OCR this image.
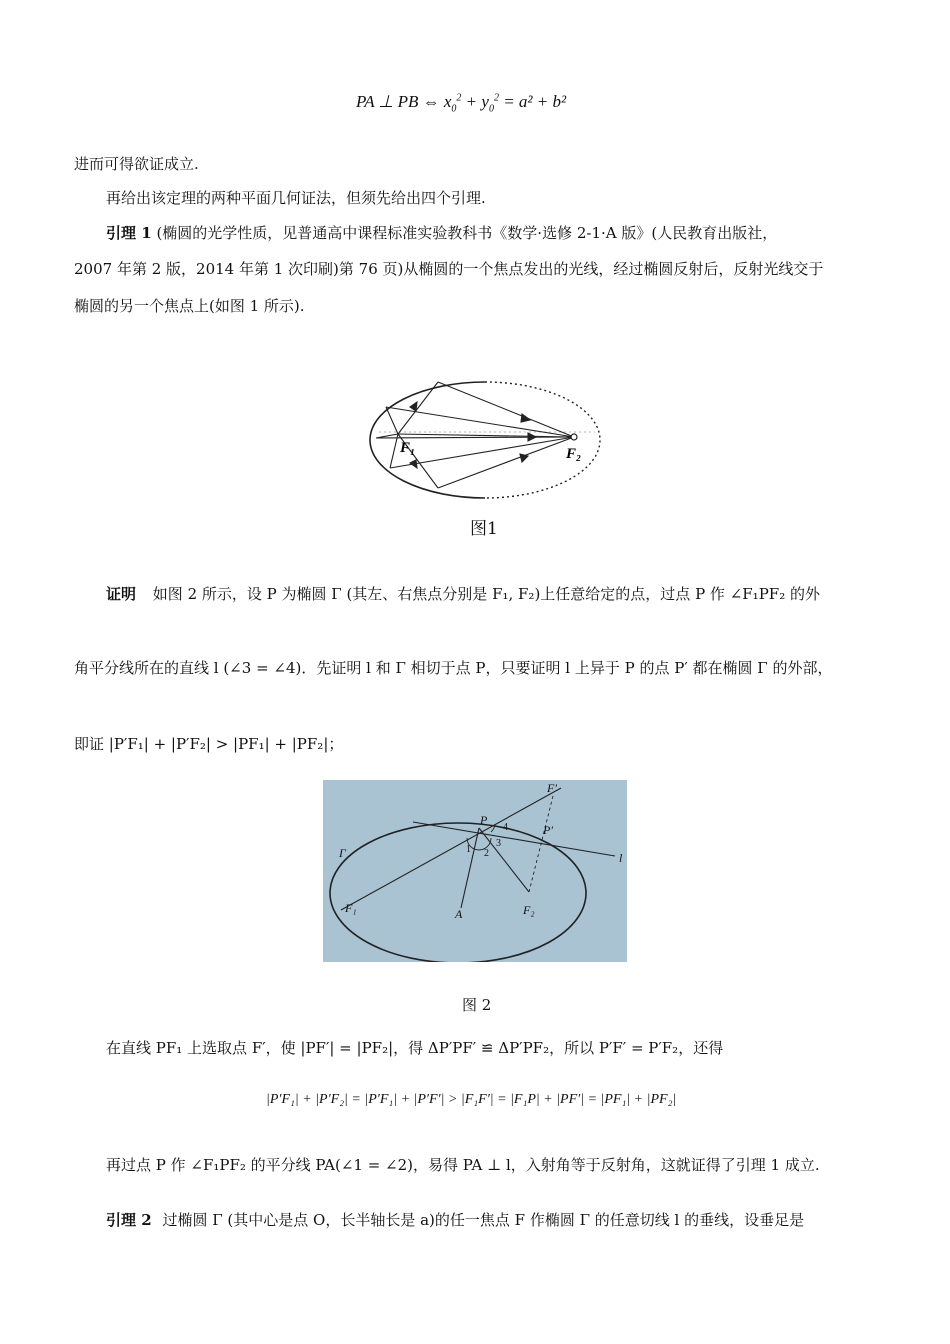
PA ⊥ PB ⇔ $x_0^2 + y_0^2 = a^2 + b^2$
进而可得欲证成立.
再给出该定理的两种平面几何证法，但须先给出四个引理.
引理 1 (椭圆的光学性质，见普通高中课程标准实验教科书《数学·选修 2-1·A 版》(人民教育出版社，
2007 年第 2 版，2014 年第 1 次印刷)第 76 页)从椭圆的一个焦点发出的光线，经过椭圆反射后，反射光线交于
椭圆的另一个焦点上(如图 1 所示).
F₁	F₂
图1
证明 如图 2 所示，设 P 为椭圆 Γ (其左、右焦点分别是 F₁, F₂)上任意给定的点，过点 P 作 ∠F₁PF₂ 的外
角平分线所在的直线 l (∠3 = ∠4)．先证明 l 和 Γ 相切于点 P，只要证明 l 上异于 P 的点 P′ 都在椭圆 Γ 的外部，
即证 |P′F₁| + |P′F₂| > |PF₁| + |PF₂|；
Γ
F₁	F₂
P
A
l
P′
F′
1 2
3
4
图 2
在直线 PF₁ 上选取点 F′，使 |PF′| = |PF₂|，得 ΔP′PF′ ≌ ΔP′PF₂，所以 P′F′ = P′F₂，还得
|P′F₁| + |P′F₂| = |P′F₁| + |P′F′| > |F₁F′| = |F₁P| + |PF′| = |PF₁| + |PF₂|
再过点 P 作 ∠F₁PF₂ 的平分线 PA(∠1 = ∠2)，易得 PA ⊥ l，入射角等于反射角，这就证得了引理 1 成立.
引理 2 过椭圆 Γ (其中心是点 O，长半轴长是 a)的任一焦点 F 作椭圆 Γ 的任意切线 l 的垂线，设垂足是
